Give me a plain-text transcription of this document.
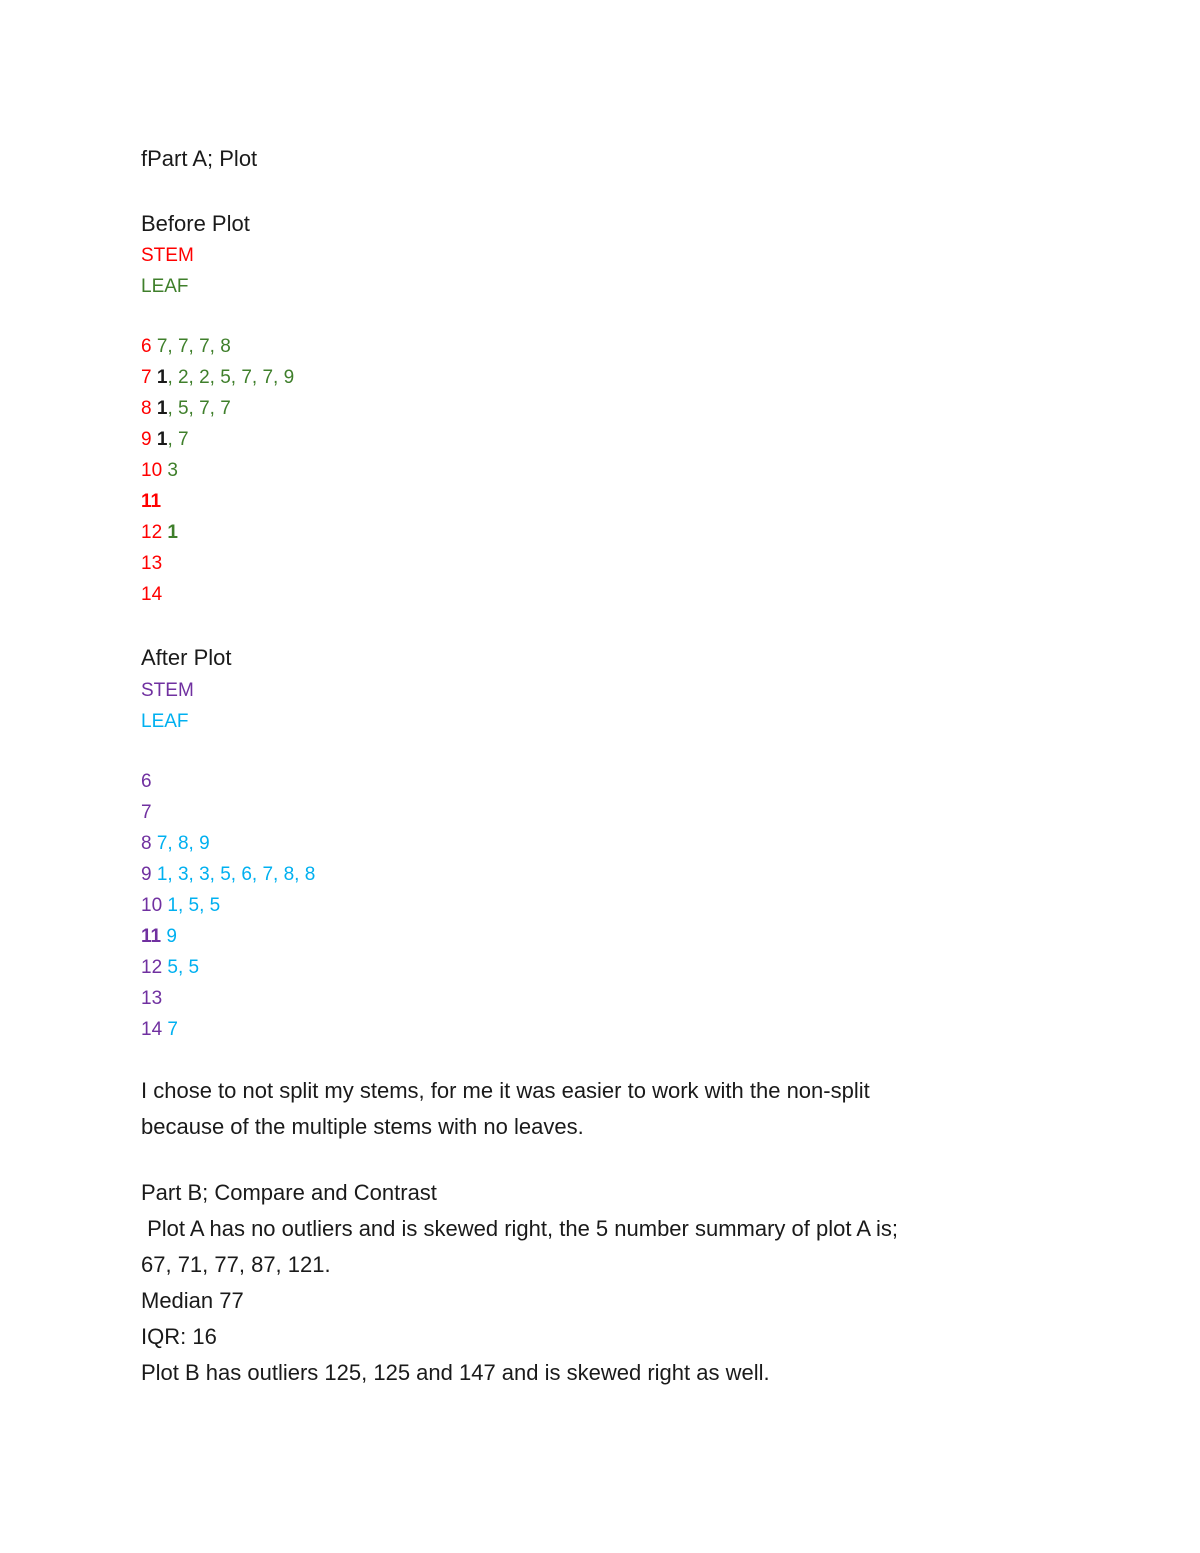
fPart A; Plot
Before Plot
STEM
LEAF
6 7, 7, 7, 8
7 1, 2, 2, 5, 7, 7, 9
8 1, 5, 7, 7
9 1, 7
10 3
11
12 1
13
14
After Plot
STEM
LEAF
6
7
8 7, 8, 9
9 1, 3, 3, 5, 6, 7, 8, 8
10 1, 5, 5
11 9
12 5, 5
13
14 7
I chose to not split my stems, for me it was easier to work with the non-split
because of the multiple stems with no leaves.
Part B; Compare and Contrast
Plot A has no outliers and is skewed right, the 5 number summary of plot A is;
67, 71, 77, 87, 121.
Median 77
IQR: 16
Plot B has outliers 125, 125 and 147 and is skewed right as well.
